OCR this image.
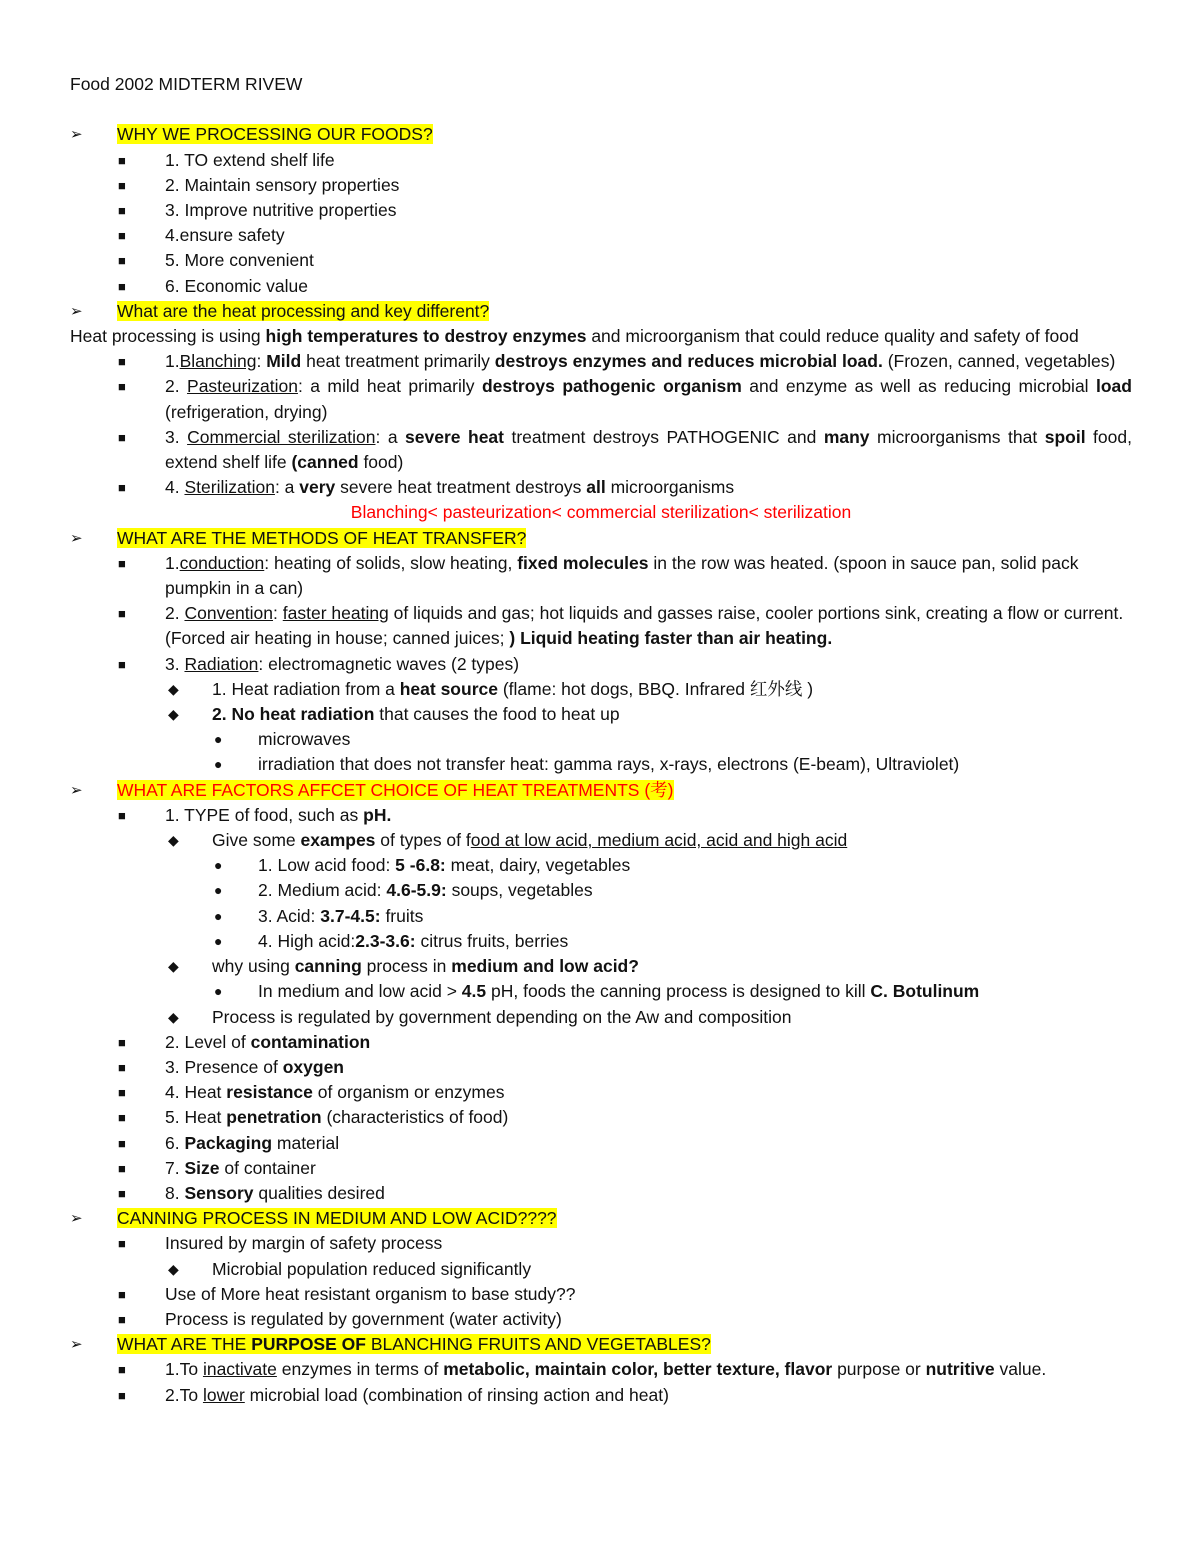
Food 2002 MIDTERM RIVEW
➢ WHY WE PROCESSING OUR FOODS?
■ 1. TO extend shelf life
■ 2. Maintain sensory properties
■ 3. Improve nutritive properties
■ 4.ensure safety
■ 5. More convenient
■ 6. Economic value
➢ What are the heat processing and key different?
Heat processing is using high temperatures to destroy enzymes and microorganism that could reduce quality and safety of food
■ 1.Blanching: Mild heat treatment primarily destroys enzymes and reduces microbial load. (Frozen, canned, vegetables)
■ 2. Pasteurization: a mild heat primarily destroys pathogenic organism and enzyme as well as reducing microbial load (refrigeration, drying)
■ 3. Commercial sterilization: a severe heat treatment destroys PATHOGENIC and many microorganisms that spoil food, extend shelf life (canned food)
■ 4. Sterilization: a very severe heat treatment destroys all microorganisms
Blanching< pasteurization< commercial sterilization< sterilization
➢ WHAT ARE THE METHODS OF HEAT TRANSFER?
■ 1.conduction: heating of solids, slow heating, fixed molecules in the row was heated. (spoon in sauce pan, solid pack pumpkin in a can)
■ 2. Convention: faster heating of liquids and gas; hot liquids and gasses raise, cooler portions sink, creating a flow or current. (Forced air heating in house; canned juices; ) Liquid heating faster than air heating.
■ 3. Radiation: electromagnetic waves (2 types)
◆ 1. Heat radiation from a heat source (flame: hot dogs, BBQ. Infrared 红外线 )
◆ 2. No heat radiation that causes the food to heat up
● microwaves
● irradiation that does not transfer heat: gamma rays, x-rays, electrons (E-beam), Ultraviolet)
➢ WHAT ARE FACTORS AFFCET CHOICE OF HEAT TREATMENTS (考)
■ 1. TYPE of food, such as pH.
◆ Give some exampes of types of food at low acid, medium acid, acid and high acid
● 1. Low acid food: 5 -6.8: meat, dairy, vegetables
● 2. Medium acid: 4.6-5.9: soups, vegetables
● 3. Acid: 3.7-4.5: fruits
● 4. High acid:2.3-3.6: citrus fruits, berries
◆ why using canning process in medium and low acid?
● In medium and low acid > 4.5 pH, foods the canning process is designed to kill C. Botulinum
◆ Process is regulated by government depending on the Aw and composition
■ 2. Level of contamination
■ 3. Presence of oxygen
■ 4. Heat resistance of organism or enzymes
■ 5. Heat penetration (characteristics of food)
■ 6. Packaging material
■ 7. Size of container
■ 8. Sensory qualities desired
➢ CANNING PROCESS IN MEDIUM AND LOW ACID????
■ Insured by margin of safety process
◆ Microbial population reduced significantly
■ Use of More heat resistant organism to base study??
■ Process is regulated by government (water activity)
➢ WHAT ARE THE PURPOSE OF BLANCHING FRUITS AND VEGETABLES?
■ 1.To inactivate enzymes in terms of metabolic, maintain color, better texture, flavor purpose or nutritive value.
■ 2.To lower microbial load (combination of rinsing action and heat)
